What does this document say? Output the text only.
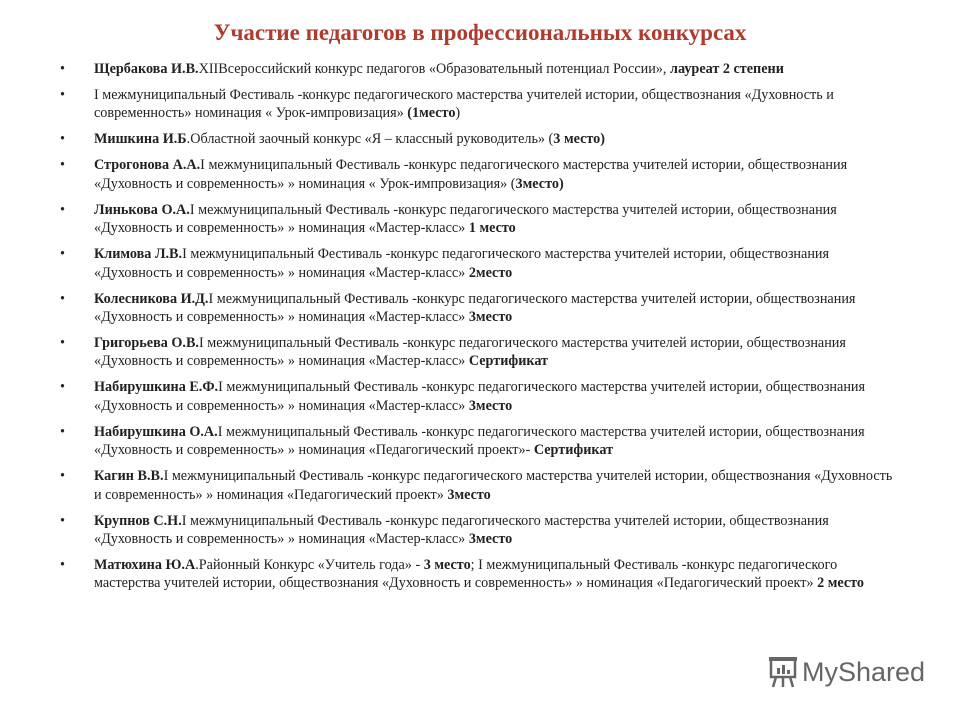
Участие педагогов в профессиональных конкурсах
• Щербакова И.В.XIIВсероссийский конкурс педагогов «Образовательный потенциал России», лауреат 2 степени
• I межмуниципальный Фестиваль -конкурс педагогического мастерства учителей истории, обществознания «Духовность и современность» номинация « Урок-импровизация» (1место)
• Мишкина И.Б.Областной заочный конкурс «Я – классный руководитель» (3 место)
• Строгонова А.А.I межмуниципальный Фестиваль -конкурс педагогического мастерства учителей истории, обществознания «Духовность и современность» » номинация « Урок-импровизация» (3место)
• Линькова О.А.I межмуниципальный Фестиваль -конкурс педагогического мастерства учителей истории, обществознания «Духовность и современность» » номинация «Мастер-класс» 1 место
• Климова Л.В.I межмуниципальный Фестиваль -конкурс педагогического мастерства учителей истории, обществознания «Духовность и современность» » номинация «Мастер-класс» 2место
• Колесникова И.Д.I межмуниципальный Фестиваль -конкурс педагогического мастерства учителей истории, обществознания «Духовность и современность» » номинация «Мастер-класс» 3место
• Григорьева О.В.I межмуниципальный Фестиваль -конкурс педагогического мастерства учителей истории, обществознания «Духовность и современность» » номинация «Мастер-класс» Сертификат
• Набирушкина Е.Ф.I межмуниципальный Фестиваль -конкурс педагогического мастерства учителей истории, обществознания «Духовность и современность» » номинация «Мастер-класс» 3место
• Набирушкина О.А.I межмуниципальный Фестиваль -конкурс педагогического мастерства учителей истории, обществознания «Духовность и современность» » номинация «Педагогический проект»- Сертификат
• Кагин В.В.I межмуниципальный Фестиваль -конкурс педагогического мастерства учителей истории, обществознания «Духовность и современность» » номинация «Педагогический проект» 3место
• Крупнов С.Н.I межмуниципальный Фестиваль -конкурс педагогического мастерства учителей истории, обществознания «Духовность и современность» » номинация «Мастер-класс» 3место
• Матюхина Ю.А.Районный Конкурс «Учитель года» - 3 место; I межмуниципальный Фестиваль -конкурс педагогического мастерства учителей истории, обществознания «Духовность и современность» » номинация «Педагогический проект» 2 место
MyShared
